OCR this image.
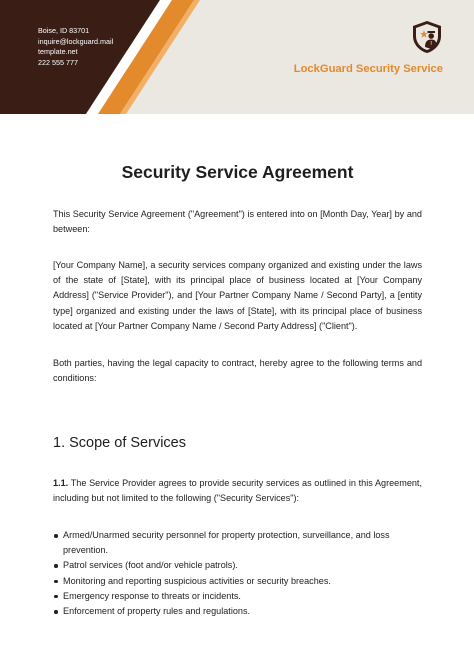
Boise, ID 83701
inquire@lockguard.mail
template.net
222 555 777
LockGuard Security Service
Security Service Agreement

This Security Service Agreement ("Agreement") is entered into on [Month Day, Year] by and between:

[Your Company Name], a security services company organized and existing under the laws of the state of [State], with its principal place of business located at [Your Company Address] ("Service Provider"), and [Your Partner Company Name / Second Party], a [entity type] organized and existing under the laws of [State], with its principal place of business located at [Your Partner Company Name / Second Party Address] ("Client").

Both parties, having the legal capacity to contract, hereby agree to the following terms and conditions:

1. Scope of Services

1.1. The Service Provider agrees to provide security services as outlined in this Agreement, including but not limited to the following ("Security Services"):

Armed/Unarmed security personnel for property protection, surveillance, and loss prevention.
Patrol services (foot and/or vehicle patrols).
Monitoring and reporting suspicious activities or security breaches.
Emergency response to threats or incidents.
Enforcement of property rules and regulations.
